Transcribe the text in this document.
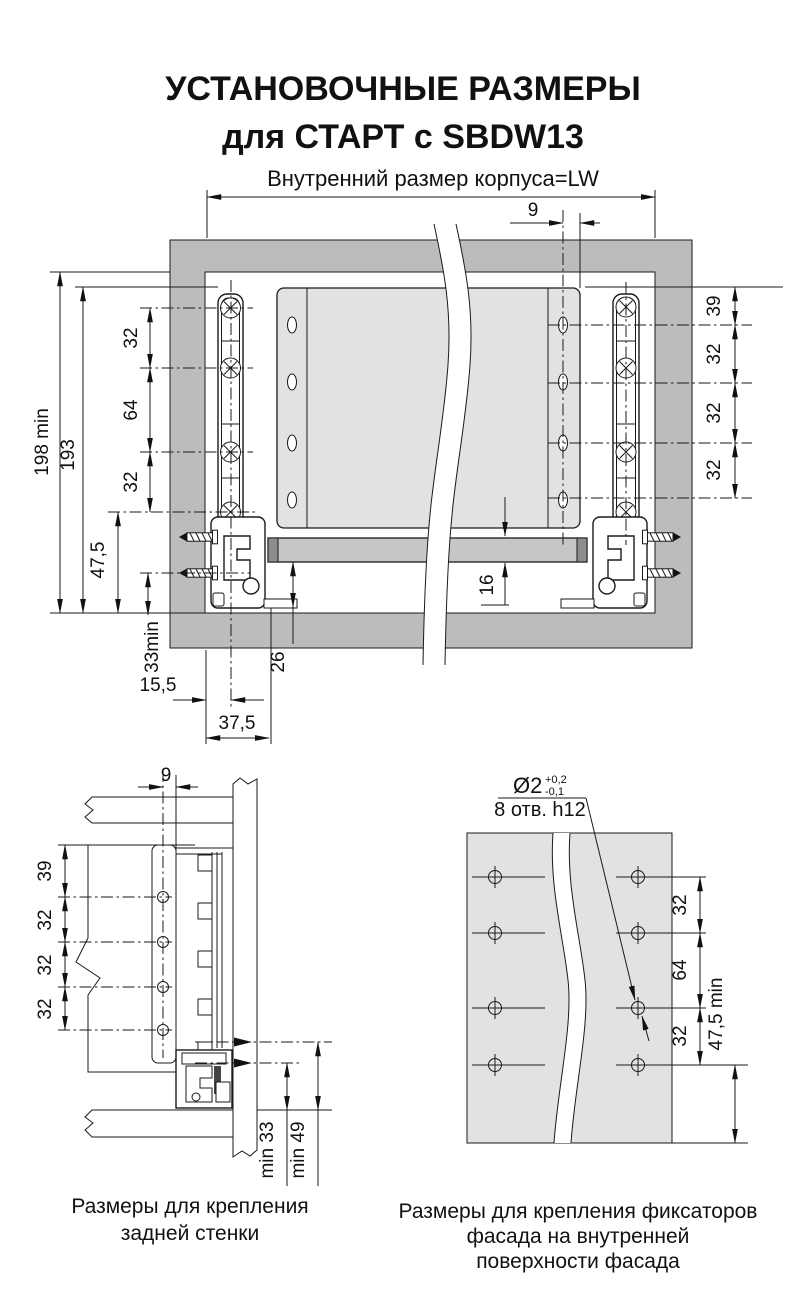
УСТАНОВОЧНЫЕ РАЗМЕРЫ
для СТАРТ с SBDW13
Внутренний размер корпуса=LW
9
39
32
32
32
32
64
32
198 min 193
47,5
33min
15,5
37,5
26
16
9
39
32
32
32
min 33 min 49
Размеры для крепления
задней стенки
Ø2 +0,2
-0,1
8 отв. h12
32
64
32 47,5 min
Размеры для крепления фиксаторов
фасада на внутренней
поверхности фасада
